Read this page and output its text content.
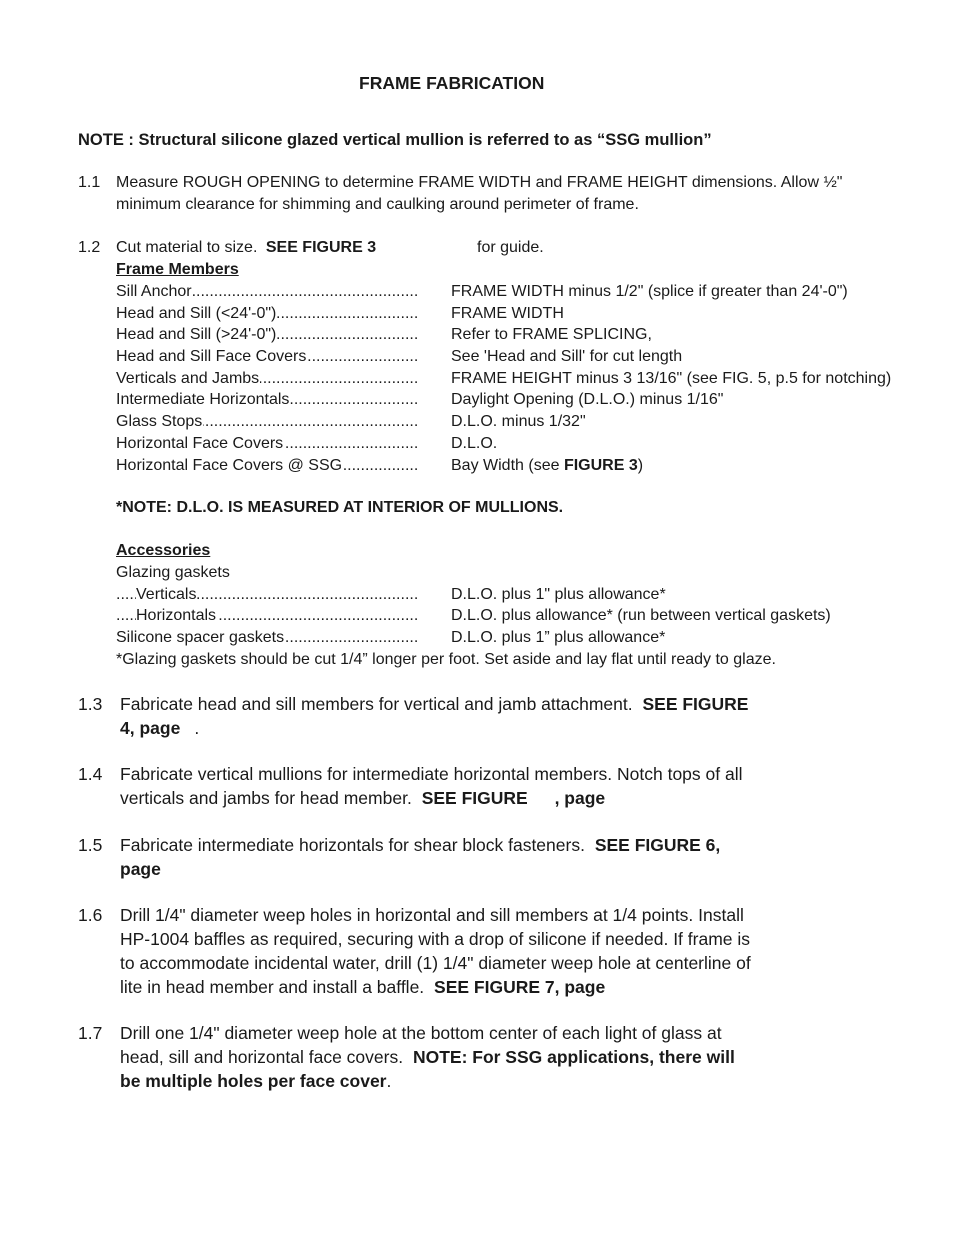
FRAME FABRICATION
NOTE : Structural silicone glazed vertical mullion is referred to as “SSG mullion”
1.1 Measure ROUGH OPENING to determine FRAME WIDTH and FRAME HEIGHT dimensions. Allow ½"
minimum clearance for shimming and caulking around perimeter of frame.
1.2 Cut material to size. SEE FIGURE 3	for guide.
Frame Members
Sill Anchor .....	FRAME WIDTH minus 1/2" (splice if greater than 24'-0")
Head and Sill (<24'-0") .....	FRAME WIDTH
Head and Sill (>24'-0") .....	Refer to FRAME SPLICING,
Head and Sill Face Covers .....	See 'Head and Sill' for cut length
Verticals and Jambs .....	FRAME HEIGHT minus 3 13/16" (see FIG. 5, p.5 for notching)
Intermediate Horizontals .....	Daylight Opening (D.L.O.) minus 1/16"
Glass Stops .....	D.L.O. minus 1/32"
Horizontal Face Covers .....	D.L.O.
Horizontal Face Covers @ SSG .....	Bay Width (see FIGURE 3)
*NOTE: D.L.O. IS MEASURED AT INTERIOR OF MULLIONS.
Accessories
Glazing gaskets
Verticals .....	D.L.O. plus 1" plus allowance*
Horizontals .....	D.L.O. plus allowance* (run between vertical gaskets)
Silicone spacer gaskets .....	D.L.O. plus 1” plus allowance*
*Glazing gaskets should be cut 1/4” longer per foot. Set aside and lay flat until ready to glaze.
1.3 Fabricate head and sill members for vertical and jamb attachment. SEE FIGURE
4, page .
1.4 Fabricate vertical mullions for intermediate horizontal members. Notch tops of all
verticals and jambs for head member. SEE FIGURE , page
1.5 Fabricate intermediate horizontals for shear block fasteners. SEE FIGURE 6,
page
1.6 Drill 1/4" diameter weep holes in horizontal and sill members at 1/4 points. Install
HP-1004 baffles as required, securing with a drop of silicone if needed. If frame is
to accommodate incidental water, drill (1) 1/4" diameter weep hole at centerline of
lite in head member and install a baffle. SEE FIGURE 7, page
1.7 Drill one 1/4" diameter weep hole at the bottom center of each light of glass at
head, sill and horizontal face covers. NOTE: For SSG applications, there will
be multiple holes per face cover.
